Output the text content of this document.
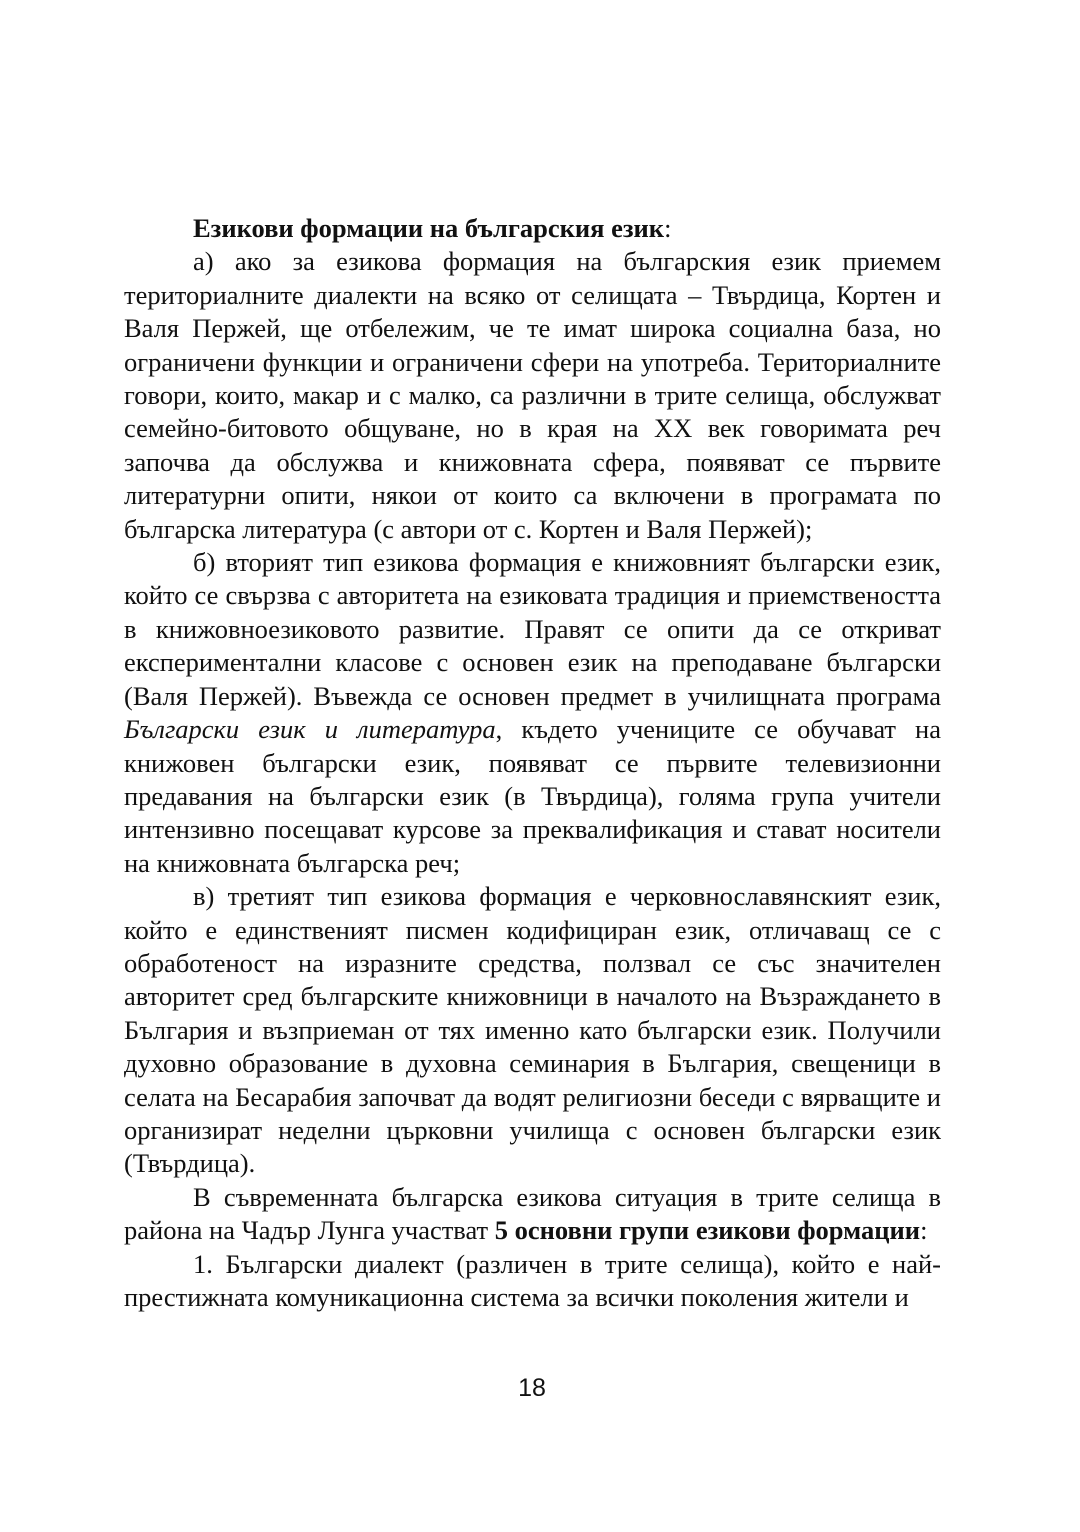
Езикови формации на българския език:

а) ако за езикова формация на българския език приемем териториалните диалекти на всяко от селищата – Твърдица, Кортен и Валя Пержей, ще отбележим, че те имат широка социална база, но ограничени функции и ограничени сфери на употреба. Териториалните говори, които, макар и с малко, са различни в трите селища, обслужват семейно-битовото общуване, но в края на XX век говоримата реч започва да обслужва и книжовната сфера, появяват се първите литературни опити, някои от които са включени в програмата по българска литература (с автори от с. Кортен и Валя Пержей);

б) вторият тип езикова формация е книжовният български език, който се свързва с авторитета на езиковата традиция и приемствеността в книжовноезиковото развитие. Правят се опити да се откриват експериментални класове с основен език на преподаване български (Валя Пержей). Въвежда се основен предмет в училищната програма Български език и литература, където учениците се обучават на книжовен български език, появяват се първите телевизионни предавания на български език (в Твърдица), голяма група учители интензивно посещават курсове за преквалификация и стават носители на книжовната българска реч;

в) третият тип езикова формация е черковнославянският език, който е единственият писмен кодифициран език, отличаващ се с обработеност на изразните средства, ползвал се със значителен авторитет сред българските книжовници в началото на Възраждането в България и възприеман от тях именно като български език. Получили духовно образование в духовна семинария в България, свещеници в селата на Бесарабия започват да водят религиозни беседи с вярващите и организират неделни църковни училища с основен български език (Твърдица).

В съвременната българска езикова ситуация в трите селища в района на Чадър Лунга участват 5 основни групи езикови формации:

1. Български диалект (различен в трите селища), който е най-престижната комуникационна система за всички поколения жители и

18
